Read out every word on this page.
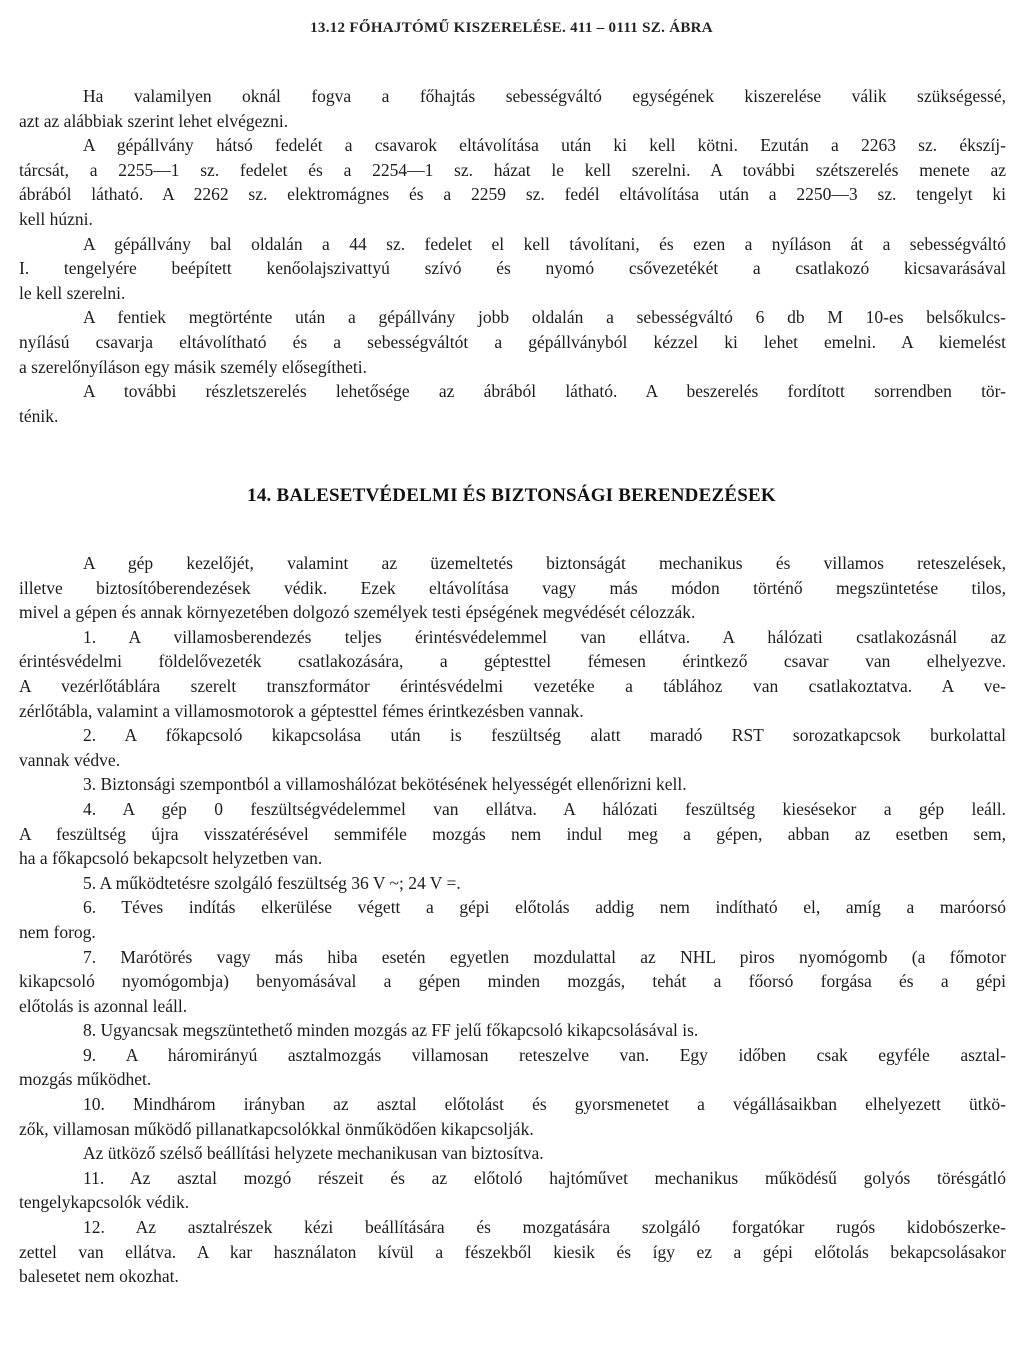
13.12 FŐHAJTÓMŰ KISZERELÉSE. 411 – 0111 SZ. ÁBRA
Ha valamilyen oknál fogva a főhajtás sebességváltó egységének kiszerelése válik szükségessé,
azt az alábbiak szerint lehet elvégezni.
A gépállvány hátsó fedelét a csavarok eltávolítása után ki kell kötni. Ezután a 2263 sz. ékszíj-
tárcsát, a 2255—1 sz. fedelet és a 2254—1 sz. házat le kell szerelni. A további szétszerelés menete az
ábrából látható. A 2262 sz. elektromágnes és a 2259 sz. fedél eltávolítása után a 2250—3 sz. tengelyt ki
kell húzni.
A gépállvány bal oldalán a 44 sz. fedelet el kell távolítani, és ezen a nyíláson át a sebességváltó
I. tengelyére beépített kenőolajszivattyú szívó és nyomó csővezetékét a csatlakozó kicsavarásával
le kell szerelni.
A fentiek megtörténte után a gépállvány jobb oldalán a sebességváltó 6 db M 10-es belsőkulcs-
nyílású csavarja eltávolítható és a sebességváltót a gépállványból kézzel ki lehet emelni. A kiemelést
a szerelőnyíláson egy másik személy elősegítheti.
A további részletszerelés lehetősége az ábrából látható. A beszerelés fordított sorrendben tör-
ténik.
14. BALESETVÉDELMI ÉS BIZTONSÁGI BERENDEZÉSEK
A gép kezelőjét, valamint az üzemeltetés biztonságát mechanikus és villamos reteszelések,
illetve biztosítóberendezések védik. Ezek eltávolítása vagy más módon történő megszüntetése tilos,
mivel a gépen és annak környezetében dolgozó személyek testi épségének megvédését célozzák.
1. A villamosberendezés teljes érintésvédelemmel van ellátva. A hálózati csatlakozásnál az
érintésvédelmi földelővezeték csatlakozására, a géptesttel fémesen érintkező csavar van elhelyezve.
A vezérlőtáblára szerelt transzformátor érintésvédelmi vezetéke a táblához van csatlakoztatva. A ve-
zérlőtábla, valamint a villamosmotorok a géptesttel fémes érintkezésben vannak.
2. A főkapcsoló kikapcsolása után is feszültség alatt maradó RST sorozatkapcsok burkolattal
vannak védve.
3. Biztonsági szempontból a villamoshálózat bekötésének helyességét ellenőrizni kell.
4. A gép 0 feszültségvédelemmel van ellátva. A hálózati feszültség kiesésekor a gép leáll.
A feszültség újra visszatérésével semmiféle mozgás nem indul meg a gépen, abban az esetben sem,
ha a főkapcsoló bekapcsolt helyzetben van.
5. A működtetésre szolgáló feszültség 36 V ~; 24 V =.
6. Téves indítás elkerülése végett a gépi előtolás addig nem indítható el, amíg a maróorsó
nem forog.
7. Marótörés vagy más hiba esetén egyetlen mozdulattal az NHL piros nyomógomb (a főmotor
kikapcsoló nyomógombja) benyomásával a gépen minden mozgás, tehát a főorsó forgása és a gépi
előtolás is azonnal leáll.
8. Ugyancsak megszüntethető minden mozgás az FF jelű főkapcsoló kikapcsolásával is.
9. A háromirányú asztalmozgás villamosan reteszelve van. Egy időben csak egyféle asztal-
mozgás működhet.
10. Mindhárom irányban az asztal előtolást és gyorsmenetet a végállásaikban elhelyezett ütkö-
zők, villamosan működő pillanatkapcsolókkal önműködően kikapcsolják.
Az ütköző szélső beállítási helyzete mechanikusan van biztosítva.
11. Az asztal mozgó részeit és az előtoló hajtóművet mechanikus működésű golyós törésgátló
tengelykapcsolók védik.
12. Az asztalrészek kézi beállítására és mozgatására szolgáló forgatókar rugós kidobószerke-
zettel van ellátva. A kar használaton kívül a fészekből kiesik és így ez a gépi előtolás bekapcsolásakor
balesetet nem okozhat.
